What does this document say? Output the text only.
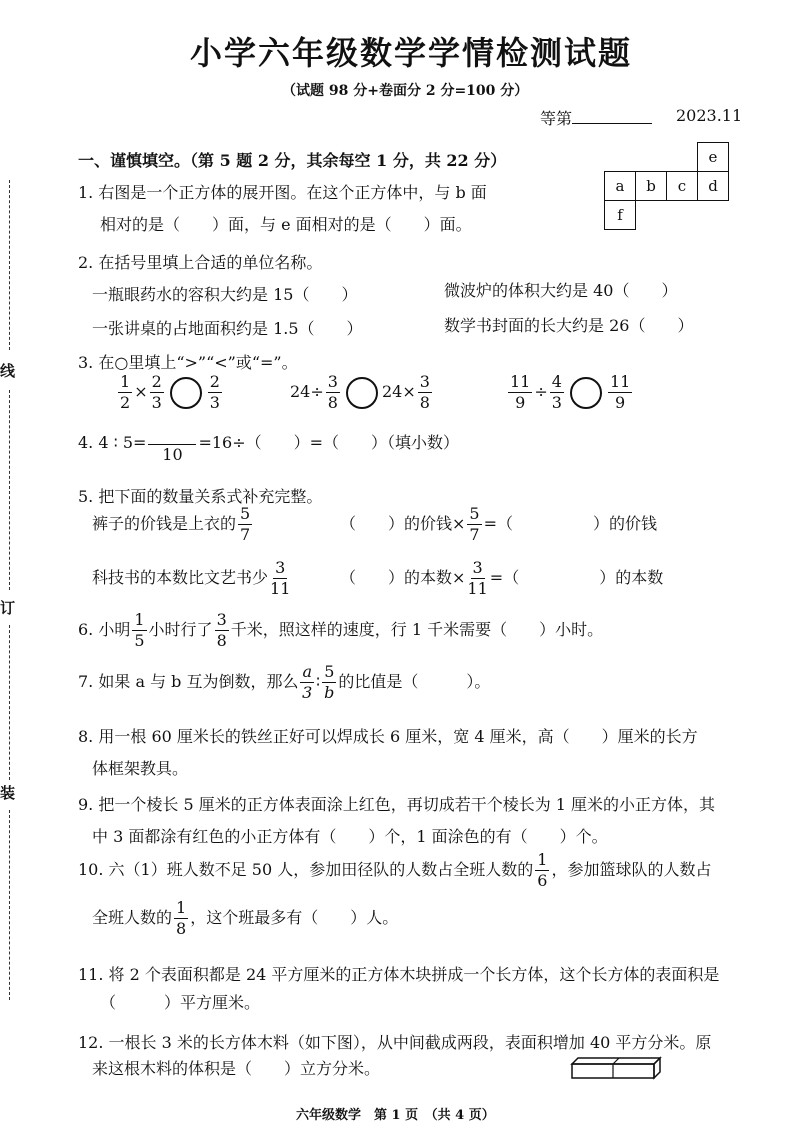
小学六年级数学学情检测试题
（试题 98 分+卷面分 2 分=100 分）
等第	2023.11
线
订
装
一、谨慎填空。（第 5 题 2 分，其余每空 1 分，共 22 分）
				e
a	b	c	d
f			
1. 右图是一个正方体的展开图。在这个正方体中，与 b 面
相对的是（　　）面，与 e 面相对的是（　　）面。
2. 在括号里填上合适的单位名称。
一瓶眼药水的容积大约是 15（　　）	微波炉的体积大约是 40（　　）
一张讲桌的占地面积约是 1.5（　　）	数学书封面的长大约是 26（　　）
3. 在○里填上“>”“<”或“=”。
$\frac{1}{2} \times \frac{2}{3}$	$\frac{2}{3}$	$24\div \frac{3}{8}$	$24\times \frac{3}{8}$	$\frac{11}{9} \div \frac{4}{3}$	$\frac{11}{9}$
4. 4 ∶ 5=
10
=16÷（　　）=（　　）（填小数）
5. 把下面的数量关系式补充完整。
裤子的价钱是上衣的 $\frac{5}{7}$	（　　）的价钱× $\frac{5}{7}$ =（　　　　　）的价钱
科技书的本数比文艺书少 $\frac{3}{11}$	（　　）的本数× $\frac{3}{11}$ =（　　　　　）的本数
6. 小明 $\frac{1}{5}$ 小时行了 $\frac{3}{8}$ 千米，照这样的速度，行 1 千米需要（　　）小时。
7. 如果 a 与 b 互为倒数，那么 $\frac{a}{3}$ ∶ $\frac{5}{b}$ 的比值是（　　　）。
8. 用一根 60 厘米长的铁丝正好可以焊成长 6 厘米，宽 4 厘米，高（　　）厘米的长方
体框架教具。
9. 把一个棱长 5 厘米的正方体表面涂上红色，再切成若干个棱长为 1 厘米的小正方体，其
中 3 面都涂有红色的小正方体有（　　）个，1 面涂色的有（　　）个。
10. 六（1）班人数不足 50 人，参加田径队的人数占全班人数的 $\frac{1}{6}$ ，参加篮球队的人数占
全班人数的 $\frac{1}{8}$ ，这个班最多有（　　）人。
11. 将 2 个表面积都是 24 平方厘米的正方体木块拼成一个长方体，这个长方体的表面积是
（　　　）平方厘米。
12. 一根长 3 米的长方体木料（如下图），从中间截成两段，表面积增加 40 平方分米。原
来这根木料的体积是（　　）立方分米。
六年级数学　第 1 页　（共 4 页）
